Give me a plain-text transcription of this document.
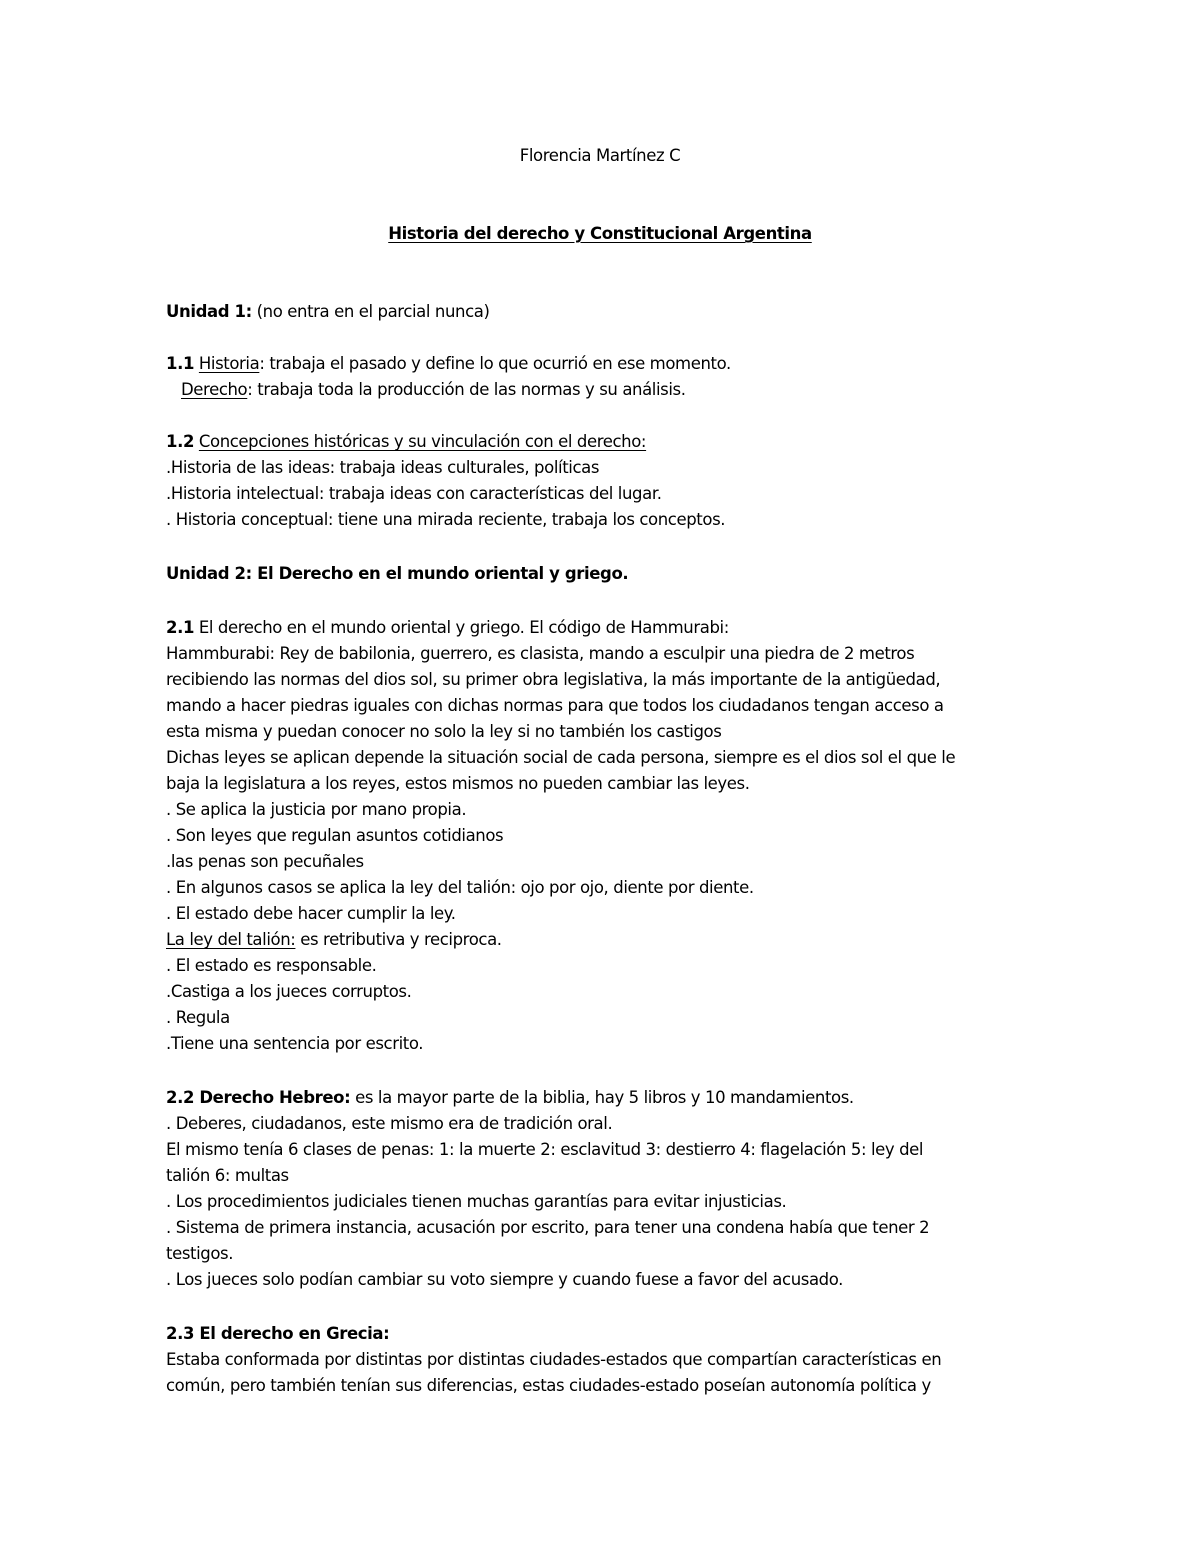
Florencia Martínez C
Historia del derecho y Constitucional Argentina
Unidad 1: (no entra en el parcial nunca)
1.1 Historia: trabaja el pasado y define lo que ocurrió en ese momento.
Derecho: trabaja toda la producción de las normas y su análisis.
1.2 Concepciones históricas y su vinculación con el derecho:
.Historia de las ideas: trabaja ideas culturales, políticas
.Historia intelectual: trabaja ideas con características del lugar.
. Historia conceptual: tiene una mirada reciente, trabaja los conceptos.
Unidad 2: El Derecho en el mundo oriental y griego.
2.1 El derecho en el mundo oriental y griego. El código de Hammurabi:
Hammburabi: Rey de babilonia, guerrero, es clasista, mando a esculpir una piedra de 2 metros
recibiendo las normas del dios sol, su primer obra legislativa, la más importante de la antigüedad,
mando a hacer piedras iguales con dichas normas para que todos los ciudadanos tengan acceso a
esta misma y puedan conocer no solo la ley si no también los castigos
Dichas leyes se aplican depende la situación social de cada persona, siempre es el dios sol el que le
baja la legislatura a los reyes, estos mismos no pueden cambiar las leyes.
. Se aplica la justicia por mano propia.
. Son leyes que regulan asuntos cotidianos
.las penas son pecuñales
. En algunos casos se aplica la ley del talión: ojo por ojo, diente por diente.
. El estado debe hacer cumplir la ley.
La ley del talión: es retributiva y reciproca.
. El estado es responsable.
.Castiga a los jueces corruptos.
. Regula
.Tiene una sentencia por escrito.
2.2 Derecho Hebreo: es la mayor parte de la biblia, hay 5 libros y 10 mandamientos.
. Deberes, ciudadanos, este mismo era de tradición oral.
El mismo tenía 6 clases de penas: 1: la muerte 2: esclavitud 3: destierro 4: flagelación 5: ley del
talión 6: multas
. Los procedimientos judiciales tienen muchas garantías para evitar injusticias.
. Sistema de primera instancia, acusación por escrito, para tener una condena había que tener 2
testigos.
. Los jueces solo podían cambiar su voto siempre y cuando fuese a favor del acusado.
2.3 El derecho en Grecia:
Estaba conformada por distintas por distintas ciudades-estados que compartían características en
común, pero también tenían sus diferencias, estas ciudades-estado poseían autonomía política y
